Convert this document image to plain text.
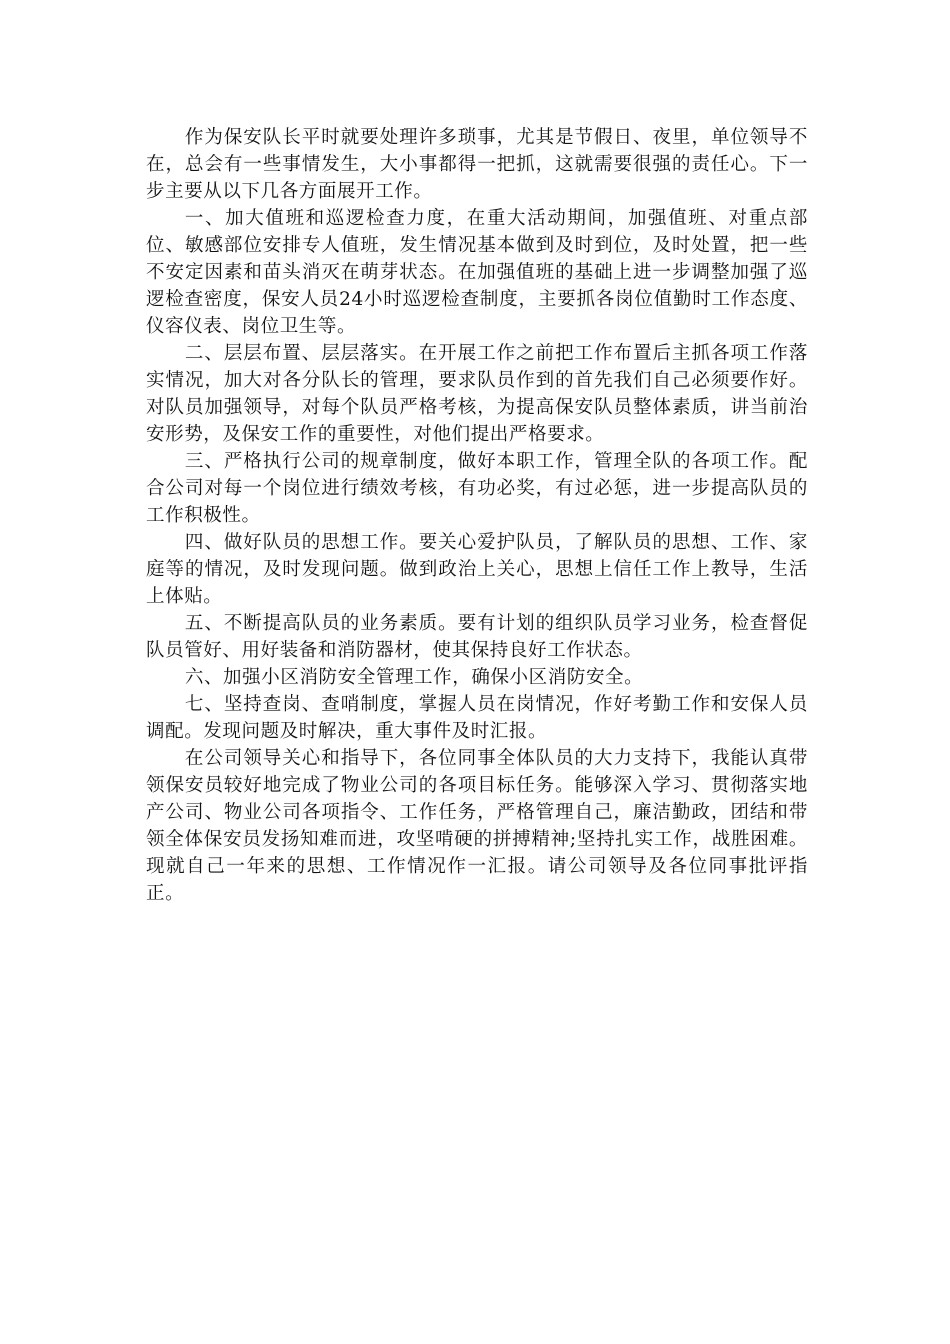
作为保安队长平时就要处理许多琐事，尤其是节假日、夜里，单位领导不在，总会有一些事情发生，大小事都得一把抓，这就需要很强的责任心。下一步主要从以下几各方面展开工作。

一、加大值班和巡逻检查力度，在重大活动期间，加强值班、对重点部位、敏感部位安排专人值班，发生情况基本做到及时到位，及时处置，把一些不安定因素和苗头消灭在萌芽状态。在加强值班的基础上进一步调整加强了巡逻检查密度，保安人员24小时巡逻检查制度，主要抓各岗位值勤时工作态度、仪容仪表、岗位卫生等。

二、层层布置、层层落实。在开展工作之前把工作布置后主抓各项工作落实情况，加大对各分队长的管理，要求队员作到的首先我们自己必须要作好。对队员加强领导，对每个队员严格考核，为提高保安队员整体素质，讲当前治安形势，及保安工作的重要性，对他们提出严格要求。

三、严格执行公司的规章制度，做好本职工作，管理全队的各项工作。配合公司对每一个岗位进行绩效考核，有功必奖，有过必惩，进一步提高队员的工作积极性。

四、做好队员的思想工作。要关心爱护队员，了解队员的思想、工作、家庭等的情况，及时发现问题。做到政治上关心，思想上信任工作上教导，生活上体贴。

五、不断提高队员的业务素质。要有计划的组织队员学习业务，检查督促队员管好、用好装备和消防器材，使其保持良好工作状态。

六、加强小区消防安全管理工作，确保小区消防安全。

七、坚持查岗、查哨制度，掌握人员在岗情况，作好考勤工作和安保人员调配。发现问题及时解决，重大事件及时汇报。

在公司领导关心和指导下，各位同事全体队员的大力支持下，我能认真带领保安员较好地完成了物业公司的各项目标任务。能够深入学习、贯彻落实地产公司、物业公司各项指令、工作任务，严格管理自己，廉洁勤政，团结和带领全体保安员发扬知难而进，攻坚啃硬的拼搏精神;坚持扎实工作，战胜困难。现就自己一年来的思想、工作情况作一汇报。请公司领导及各位同事批评指正。
